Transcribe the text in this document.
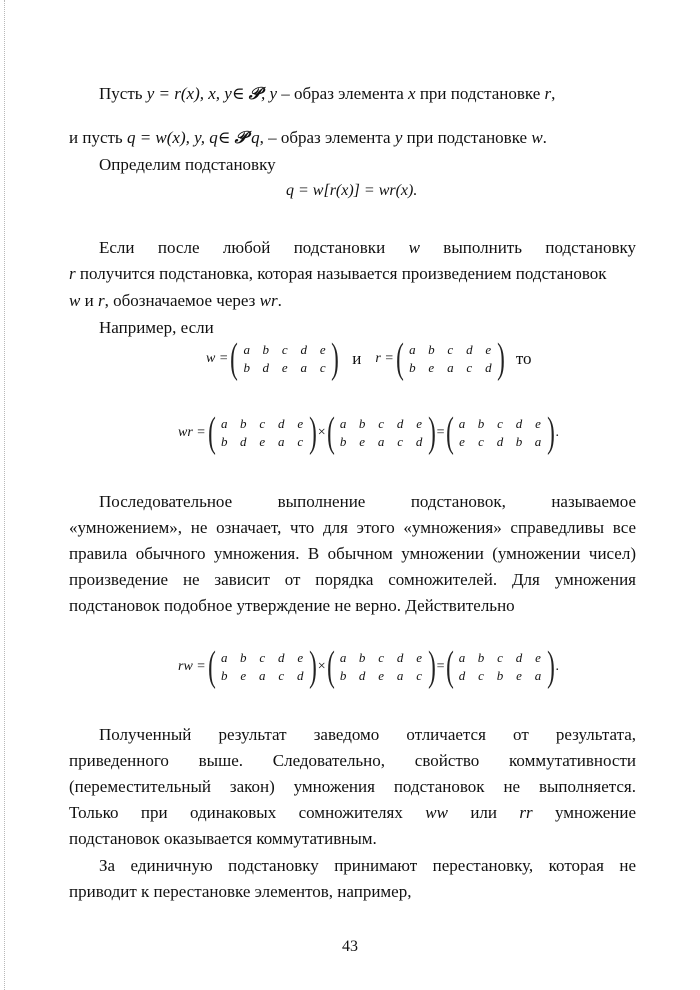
Пусть y = r(x), x, y∈ 𝒫, y – образ элемента x при подстановке r,
и пусть q = w(x), y, q∈ 𝒫 q, – образ элемента y при подстановке w.
Определим подстановку
q = w[r(x)] = wr(x).
Если после любой подстановки w выполнить подстановку
r получится подстановка, которая называется произведением подстановок
w и r, обозначаемое через wr.
Например, если
w = ( a b c d e
b d e a c ) и r = ( a b c d e
b e a c d ) то
wr = ( a b c d e
b d e a c ) × ( a b c d e
b e a c d ) = ( a b c d e
e	c d b a ) .
Последовательное выполнение подстановок, называемое
«умножением», не означает, что для этого «умножения» справедливы все
правила обычного умножения. В обычном умножении (умножении чисел)
произведение не зависит от порядка сомножителей. Для умножения
подстановок подобное утверждение не верно. Действительно
rw = ( a b c d e
b e a c d ) × ( a b c d e
b d e a c ) = ( a b c d e
d c b e a ) .
Полученный результат заведомо отличается от результата,
приведенного выше. Следовательно, свойство коммутативности
(переместительный закон) умножения подстановок не выполняется.
Только при одинаковых сомножителях ww или rr умножение
подстановок оказывается коммутативным.
За единичную подстановку принимают перестановку, которая не
приводит к перестановке элементов, например,
43
